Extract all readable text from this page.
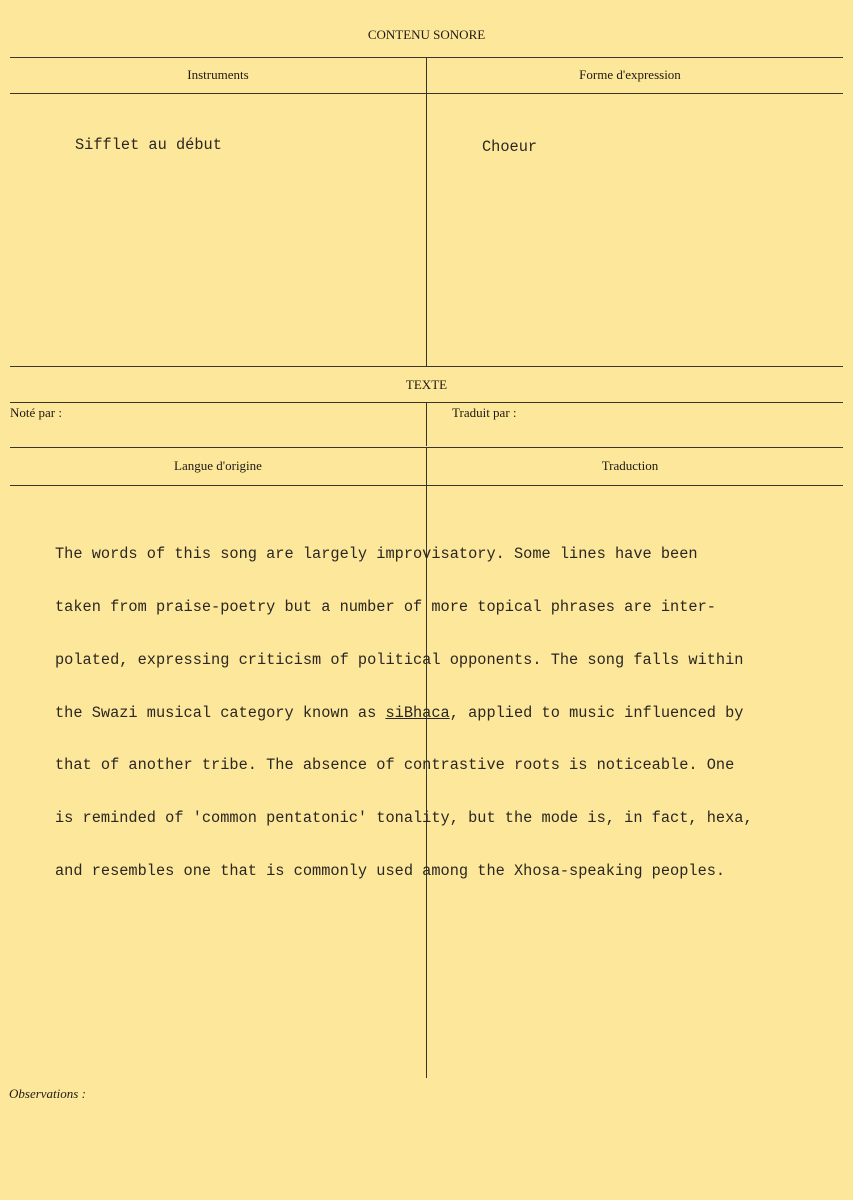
CONTENU SONORE
Instruments	Forme d'expression
Sifflet au début	Choeur
TEXTE
Noté par :	Traduit par :
Langue d'origine	Traduction

The words of this song are largely improvisatory. Some lines have been

taken from praise-poetry but a number of more topical phrases are inter-

polated, expressing criticism of political opponents. The song falls within

the Swazi musical category known as siBhaca, applied to music influenced by

that of another tribe. The absence of contrastive roots is noticeable. One

is reminded of 'common pentatonic' tonality, but the mode is, in fact, hexa,

and resembles one that is commonly used among the Xhosa-speaking peoples.

Observations :
